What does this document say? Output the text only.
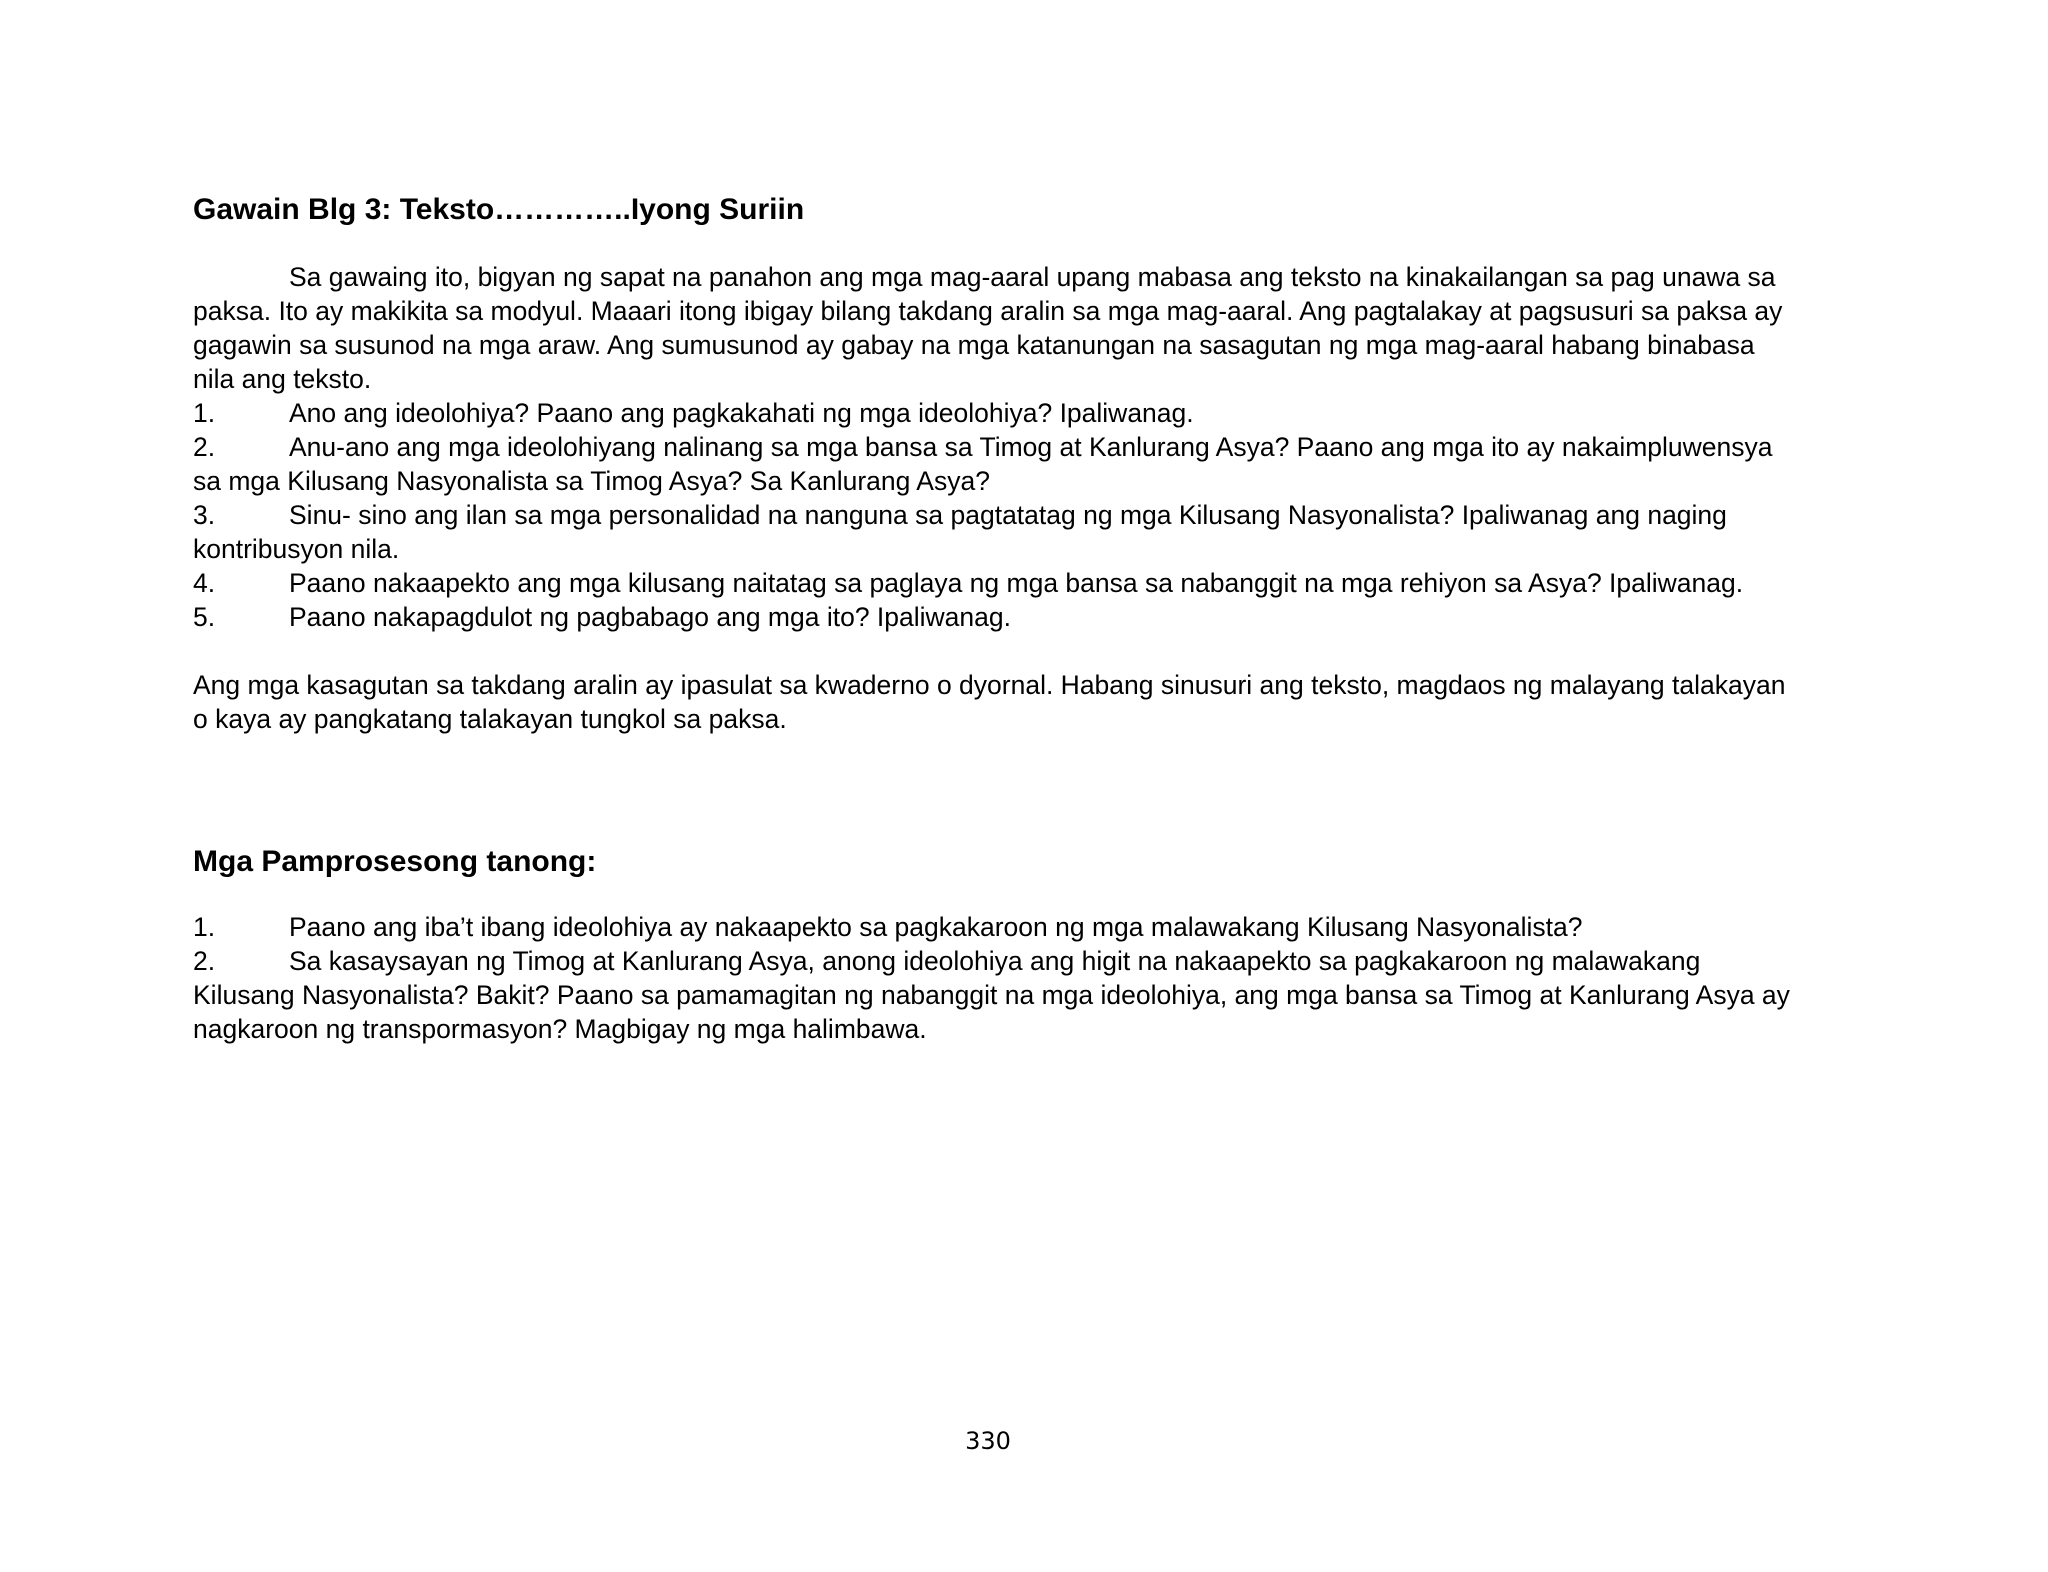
Gawain Blg 3: Teksto…………..Iyong Suriin

Sa gawaing ito, bigyan ng sapat na panahon ang mga mag-aaral upang mabasa ang teksto na kinakailangan sa pag unawa sa paksa. Ito ay makikita sa modyul. Maaari itong ibigay bilang takdang aralin sa mga mag-aaral. Ang pagtalakay at pagsusuri sa paksa ay gagawin sa susunod na mga araw. Ang sumusunod ay gabay na mga katanungan na sasagutan ng mga mag-aaral habang binabasa nila ang teksto.

1.	Ano ang ideolohiya? Paano ang pagkakahati ng mga ideolohiya? Ipaliwanag.

2.	Anu-ano ang mga ideolohiyang nalinang sa mga bansa sa Timog at Kanlurang Asya? Paano ang mga ito ay nakaimpluwensya sa mga Kilusang Nasyonalista sa Timog Asya? Sa Kanlurang Asya?

3.	Sinu- sino ang ilan sa mga personalidad na nanguna sa pagtatatag ng mga Kilusang Nasyonalista? Ipaliwanag ang naging kontribusyon nila.

4.	Paano nakaapekto ang mga kilusang naitatag sa paglaya ng mga bansa sa nabanggit na mga rehiyon sa Asya? Ipaliwanag.

5.	Paano nakapagdulot ng pagbabago ang mga ito? Ipaliwanag.

Ang mga kasagutan sa takdang aralin ay ipasulat sa kwaderno o dyornal. Habang sinusuri ang teksto, magdaos ng malayang talakayan o kaya ay pangkatang talakayan tungkol sa paksa.

Mga Pamprosesong tanong:

1.	Paano ang iba’t ibang ideolohiya ay nakaapekto sa pagkakaroon ng mga malawakang Kilusang Nasyonalista?

2.	Sa kasaysayan ng Timog at Kanlurang Asya, anong ideolohiya ang higit na nakaapekto sa pagkakaroon ng malawakang Kilusang Nasyonalista? Bakit? Paano sa pamamagitan ng nabanggit na mga ideolohiya, ang mga bansa sa Timog at Kanlurang Asya ay nagkaroon ng transpormasyon? Magbigay ng mga halimbawa.

330
